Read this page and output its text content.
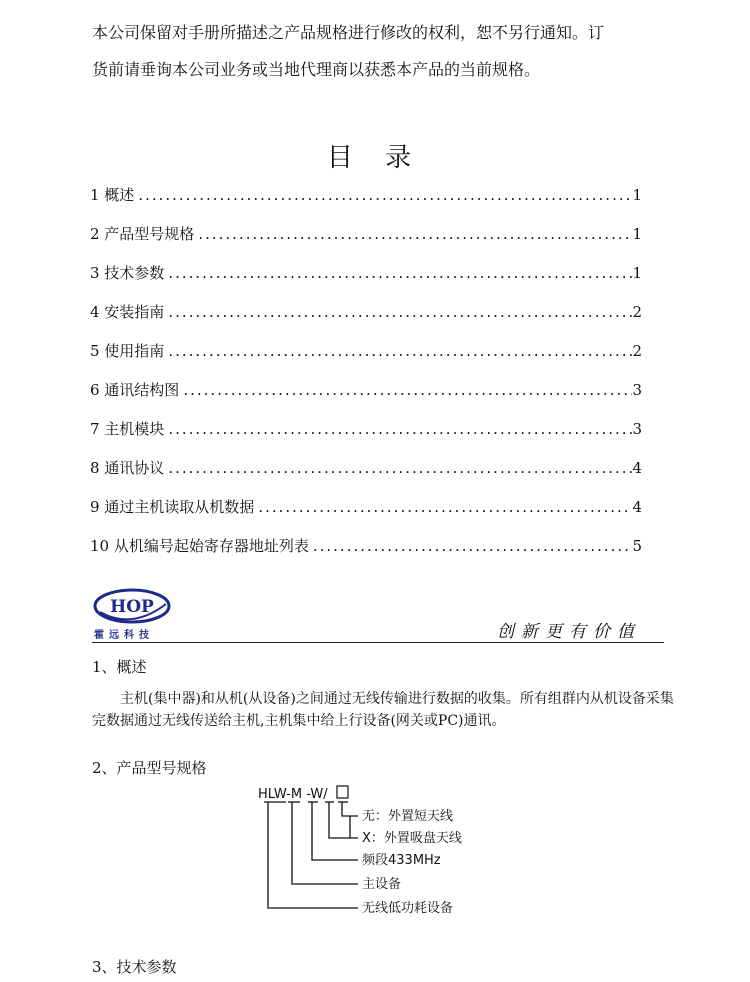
本公司保留对手册所描述之产品规格进行修改的权利，恕不另行通知。订
货前请垂询本公司业务或当地代理商以获悉本产品的当前规格。
目 录
1 概述 .....	1
2 产品型号规格 .....	1
3 技术参数 .....	1
4 安装指南 .....	2
5 使用指南 .....	2
6 通讯结构图 .....	3
7 主机模块 .....	3
8 通讯协议 .....	4
9 通过主机读取从机数据 .....	4
10 从机编号起始寄存器地址列表 .....	5
HOP
霍远科技	创新更有价值
1、概述
主机(集中器)和从机(从设备)之间通过无线传输进行数据的收集。所有组群内从机设备采集完数据通过无线传送给主机,主机集中给上行设备(网关或PC)通讯。
2、产品型号规格
HLW-M -W/
无：外置短天线
X：外置吸盘天线
频段433MHz
主设备
无线低功耗设备
3、技术参数
